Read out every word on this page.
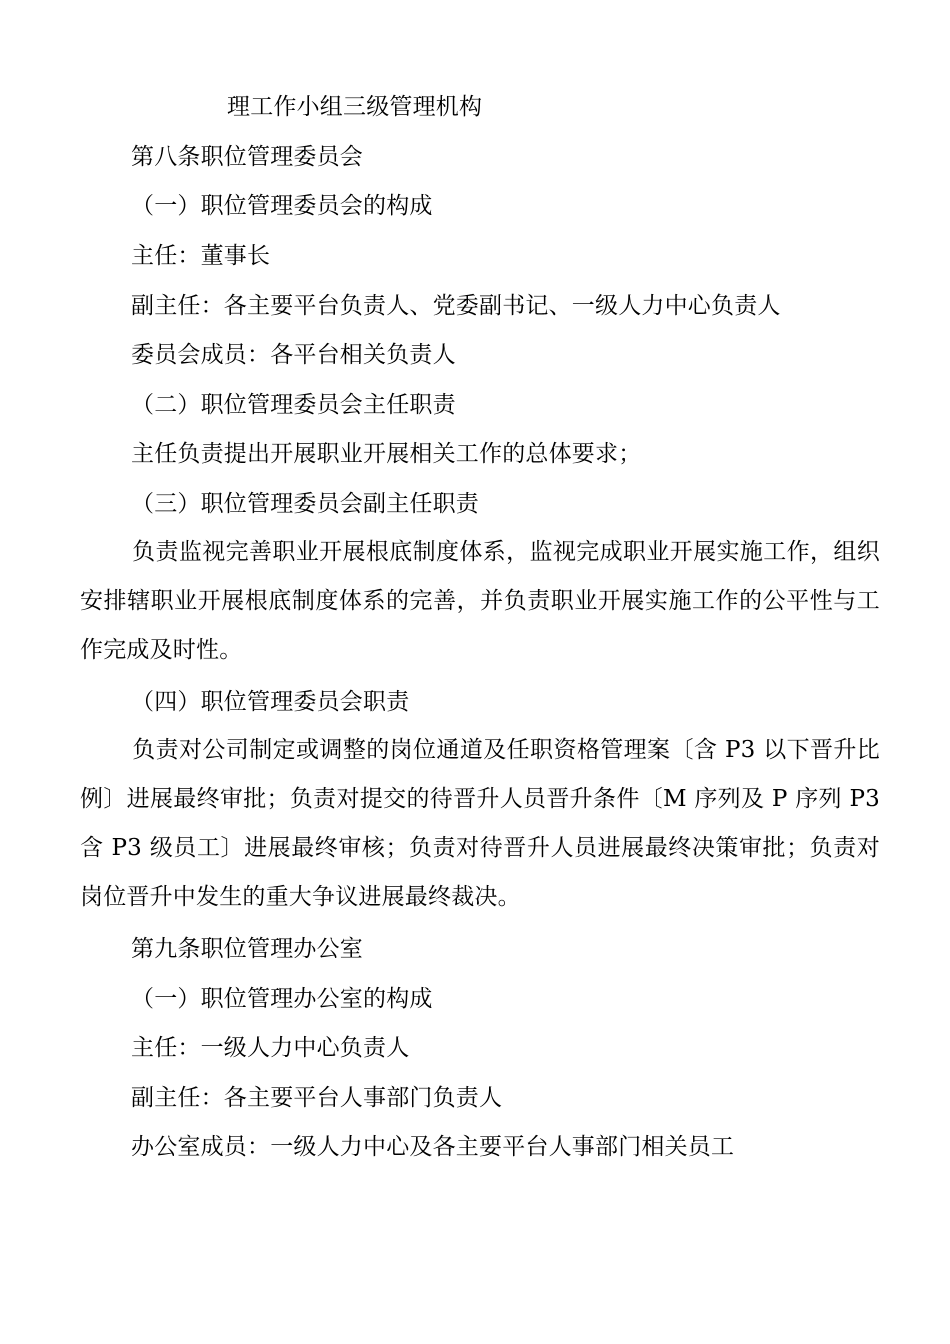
理工作小组三级管理机构
第八条职位管理委员会
（一）职位管理委员会的构成
主任：董事长
副主任：各主要平台负责人、党委副书记、一级人力中心负责人
委员会成员：各平台相关负责人
（二）职位管理委员会主任职责
主任负责提出开展职业开展相关工作的总体要求；
（三）职位管理委员会副主任职责
负责监视完善职业开展根底制度体系，监视完成职业开展实施工作，组织安排辖职业开展根底制度体系的完善，并负责职业开展实施工作的公平性与工作完成及时性。
（四）职位管理委员会职责
负责对公司制定或调整的岗位通道及任职资格管理案〔含 P3 以下晋升比例〕进展最终审批；负责对提交的待晋升人员晋升条件〔M 序列及 P 序列 P3 含 P3 级员工〕进展最终审核；负责对待晋升人员进展最终决策审批；负责对岗位晋升中发生的重大争议进展最终裁决。
第九条职位管理办公室
（一）职位管理办公室的构成
主任：一级人力中心负责人
副主任：各主要平台人事部门负责人
办公室成员：一级人力中心及各主要平台人事部门相关员工
